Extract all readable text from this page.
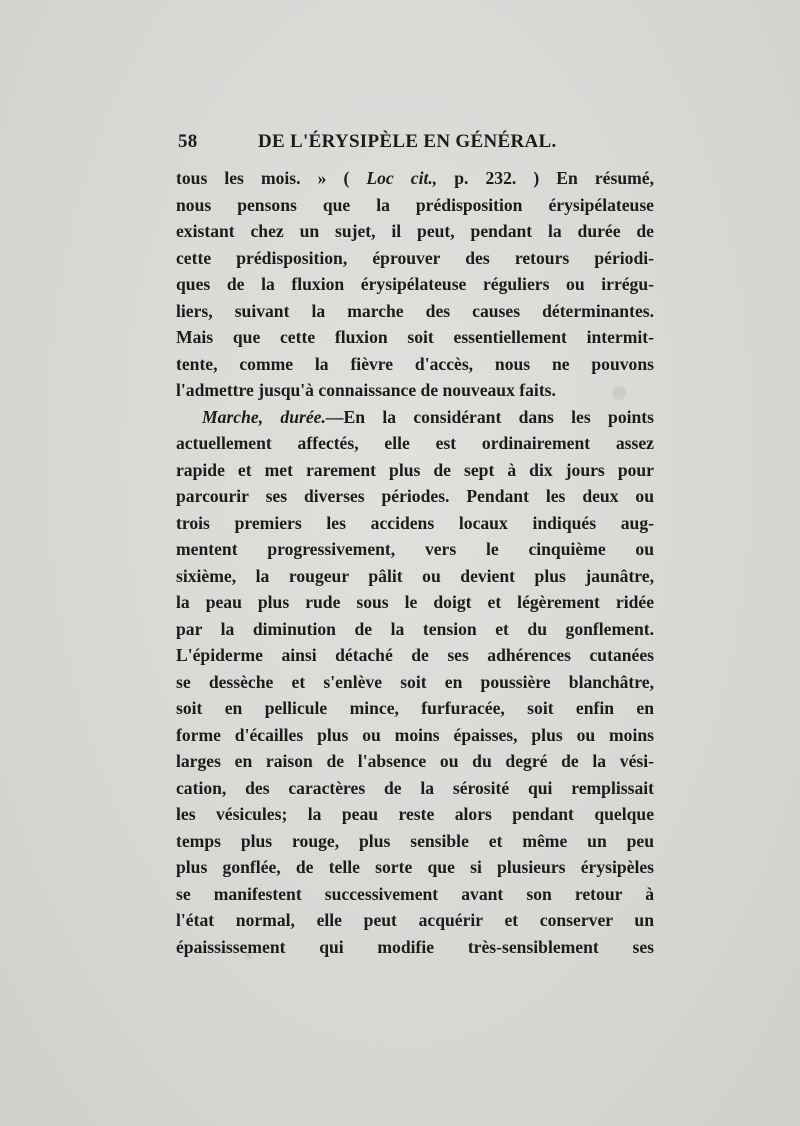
58	DE L'ÉRYSIPÈLE EN GÉNÉRAL.
tous les mois. » ( Loc cit., p. 232. ) En résumé,
nous pensons que la prédisposition érysipélateuse
existant chez un sujet, il peut, pendant la durée de
cette prédisposition, éprouver des retours périodi-
ques de la fluxion érysipélateuse réguliers ou irrégu-
liers, suivant la marche des causes déterminantes.
Mais que cette fluxion soit essentiellement intermit-
tente, comme la fièvre d'accès, nous ne pouvons
l'admettre jusqu'à connaissance de nouveaux faits.
Marche, durée.—En la considérant dans les points
actuellement affectés, elle est ordinairement assez
rapide et met rarement plus de sept à dix jours pour
parcourir ses diverses périodes. Pendant les deux ou
trois premiers les accidens locaux indiqués aug-
mentent progressivement, vers le cinquième ou
sixième, la rougeur pâlit ou devient plus jaunâtre,
la peau plus rude sous le doigt et légèrement ridée
par la diminution de la tension et du gonflement.
L'épiderme ainsi détaché de ses adhérences cutanées
se dessèche et s'enlève soit en poussière blanchâtre,
soit en pellicule mince, furfuracée, soit enfin en
forme d'écailles plus ou moins épaisses, plus ou moins
larges en raison de l'absence ou du degré de la vési-
cation, des caractères de la sérosité qui remplissait
les vésicules; la peau reste alors pendant quelque
temps plus rouge, plus sensible et même un peu
plus gonflée, de telle sorte que si plusieurs érysipèles
se manifestent successivement avant son retour à
l'état normal, elle peut acquérir et conserver un
épaississement qui modifie très-sensiblement ses
